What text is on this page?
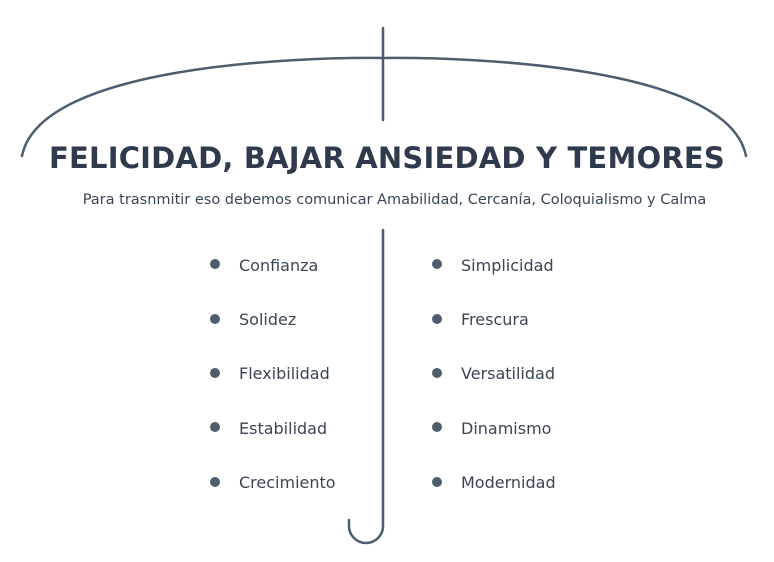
FELICIDAD, BAJAR ANSIEDAD Y TEMORES
Para trasnmitir eso debemos comunicar Amabilidad, Cercanía, Coloquialismo y Calma
Confianza
Solidez
Flexibilidad
Estabilidad
Crecimiento
Simplicidad
Frescura
Versatilidad
Dinamismo
Modernidad
